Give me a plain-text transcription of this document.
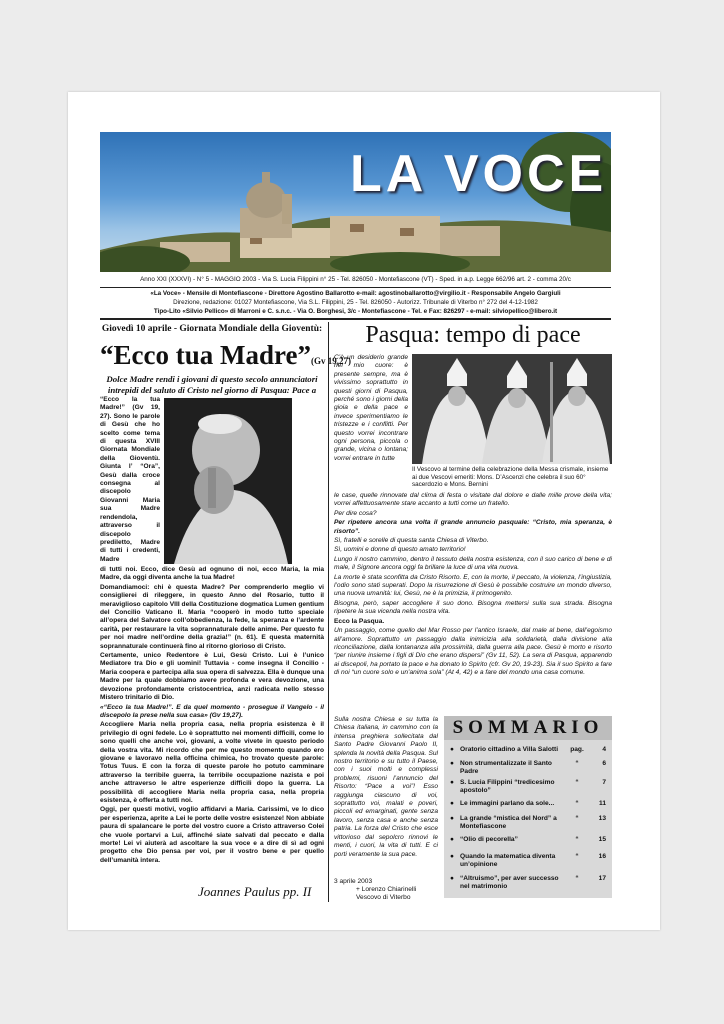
LA VOCE
Anno XXI (XXXVI) - N° 5 - MAGGIO 2003 - Via S. Lucia Filippini n° 25 - Tel. 826050 - Montefiascone (VT) - Sped. in a.p. Legge 662/96 art. 2 - comma 20/c
«La Voce» - Mensile di Montefiascone - Direttore Agostino Ballarotto e-mail: agostinoballarotto@virgilio.it - Responsabile Angelo Gargiuli
Direzione, redazione: 01027 Montefiascone, Via S.L. Filippini, 25 - Tel. 826050 - Autorizz. Tribunale di Viterbo n° 272 del 4-12-1982
Tipo-Lito «Silvio Pellico» di Marroni e C. s.n.c. - Via O. Borghesi, 3/c - Montefiascone - Tel. e Fax: 826297 - e-mail: silviopellico@libero.it
Giovedì 10 aprile - Giornata Mondiale della Gioventù:
“Ecco tua Madre”(Gv 19,27)
Dolce Madre rendi i giovani di questo secolo annunciatori intrepidi del saluto di Cristo nel giorno di Pasqua: Pace a
“Ecco la tua Madre!” (Gv 19, 27). Sono le parole di Gesù che ho scelto come tema di questa XVIII Giornata Mondiale della Gioventù. Giunta l’ “Ora”, Gesù dalla croce consegna al discepolo Giovanni Maria sua Madre rendendola, attraverso il discepolo prediletto, Madre di tutti i credenti, Madre

di tutti noi. Ecco, dice Gesù ad ognuno di noi, ecco Maria, la mia Madre, da oggi diventa anche la tua Madre!

Domandiamoci: chi è questa Madre? Per comprenderlo meglio vi consiglierei di rileggere, in questo Anno del Rosario, tutto il meraviglioso capitolo VIII della Costituzione dogmatica Lumen gentium del Concilio Vaticano II. Maria “cooperò in modo tutto speciale all’opera del Salvatore coll’obbedienza, la fede, la speranza e l’ardente carità, per restaurare la vita soprannaturale delle anime. Per questo fu per noi madre nell’ordine della grazia!” (n. 61). E questa maternità soprannaturale continuerà fino al ritorno glorioso di Cristo.

Certamente, unico Redentore è Lui, Gesù Cristo. Lui è l’unico Mediatore tra Dio e gli uomini! Tuttavia - come insegna il Concilio - Maria coopera e partecipa alla sua opera di salvezza. Ella è dunque una Madre per la quale dobbiamo avere profonda e vera devozione, una devozione profondamente cristocentrica, anzi radicata nello stesso Mistero trinitario di Dio.

«“Ecco la tua Madre!”. E da quel momento - prosegue il Vangelo - il discepolo la prese nella sua casa» (Gv 19,27).

Accogliere Maria nella propria casa, nella propria esistenza è il privilegio di ogni fedele. Lo è soprattutto nei momenti difficili, come lo sono quelli che anche voi, giovani, a volte vivete in questo periodo della vostra vita. Mi ricordo che per me questo momento quando ero giovane e lavoravo nella officina chimica, ho trovato queste parole: Totus Tuus. E con la forza di queste parole ho potuto camminare attraverso la terribile guerra, la terribile occupazione nazista e poi anche attraverso le altre esperienze difficili dopo la guerra. La possibilità di accogliere Maria nella propria casa, nella propria esistenza, è offerta a tutti noi.

Oggi, per questi motivi, voglio affidarvi a Maria. Carissimi, ve lo dico per esperienza, aprite a Lei le porte delle vostre esistenze! Non abbiate paura di spalancare le porte del vostro cuore a Cristo attraverso Colei che vuole portarvi a Lui, affinché siate salvati dal peccato e dalla morte! Lei vi aiuterà ad ascoltare la sua voce e a dire di sì ad ogni progetto che Dio pensa per voi, per il vostro bene e per quello dell’umanità intera.

Joannes Paulus pp. II
Pasqua: tempo di pace
C’è un desiderio grande nel mio cuore: è presente sempre, ma è vivissimo soprattutto in questi giorni di Pasqua, perché sono i giorni della gioia e della pace e invece sperimentiamo le tristezze e i conflitti. Per questo vorrei incontrare ogni persona, piccola o grande, vicina o lontana; vorrei entrare in tutte
Il Vescovo al termine della celebrazione della Messa crismale, insieme ai due Vescovi emeriti: Mons. D’Ascenzi che celebra il suo 60° sacerdozio e Mons. Bernini

le case, quelle rinnovate dal clima di festa o visitate dal dolore e dalle mille prove della vita; vorrei affettuosamente stare accanto a tutti come un fratello.

Per dire cosa?

Per ripetere ancora una volta il grande annuncio pasquale: “Cristo, mia speranza, è risorto”.

Sì, fratelli e sorelle di questa santa Chiesa di Viterbo.

Sì, uomini e donne di questo amato territorio!

Lungo il nostro cammino, dentro il tessuto della nostra esistenza, con il suo carico di bene e di male, il Signore ancora oggi fa brillare la luce di una vita nuova.

La morte è stata sconfitta da Cristo Risorto. E, con la morte, il peccato, la violenza, l’ingiustizia, l’odio sono stati superati. Dopo la risurrezione di Gesù è possibile costruire un mondo diverso, una nuova umanità: lui, Gesù, ne è la primizia, il primogenito.

Bisogna, però, saper accogliere il suo dono. Bisogna mettersi sulla sua strada. Bisogna ripetere la sua vicenda nella nostra vita.

Ecco la Pasqua.

Un passaggio, come quello del Mar Rosso per l’antico Israele, dal male al bene, dall’egoismo all’amore. Soprattutto un passaggio dalla inimicizia alla solidarietà, dalla divisione alla riconciliazione, dalla lontananza alla prossimità, dalla guerra alla pace. Gesù è morto e risorto “per riunire insieme i figli di Dio che erano dispersi” (Gv 11, 52). La sera di Pasqua, apparendo ai discepoli, ha portato la pace e ha donato lo Spirito (cfr. Gv 20, 19-23). Sia il suo Spirito a fare di noi “un cuore solo e un’anima sola” (At 4, 42) e a fare del mondo una casa comune.

Sulla nostra Chiesa e su tutta la Chiesa italiana, in cammino con la intensa preghiera sollecitata dal Santo Padre Giovanni Paolo II, splenda la novità della Pasqua. Sul nostro territorio e su tutto il Paese, con i suoi molti e complessi problemi, risuoni l’annuncio del Risorto: “Pace a voi”! Esso raggiunga ciascuno di voi, soprattutto voi, malati e poveri, piccoli ed emarginati, gente senza lavoro, senza casa e anche senza patria. La forza del Cristo che esce vittorioso dal sepolcro rinnovi le menti, i cuori, la vita di tutti. E ci porti veramente la sua pace.
3 aprile 2003
+ Lorenzo Chiarinelli
Vescovo di Viterbo
SOMMARIO
● Oratorio cittadino a Villa Salotti	pag.	4
● Non strumentalizzate il Santo Padre
“	6
● S. Lucia Filippini “tredicesimo apostolo”
“	7
● Le immagini parlano da sole...	“	11
● La grande “mistica del Nord” a Montefiascone
“	13
● “Olio di pecorella”	“	15
● Quando la matematica diventa un’opinione
“	16
● “Altruismo”, per aver successo nel matrimonio
“	17
